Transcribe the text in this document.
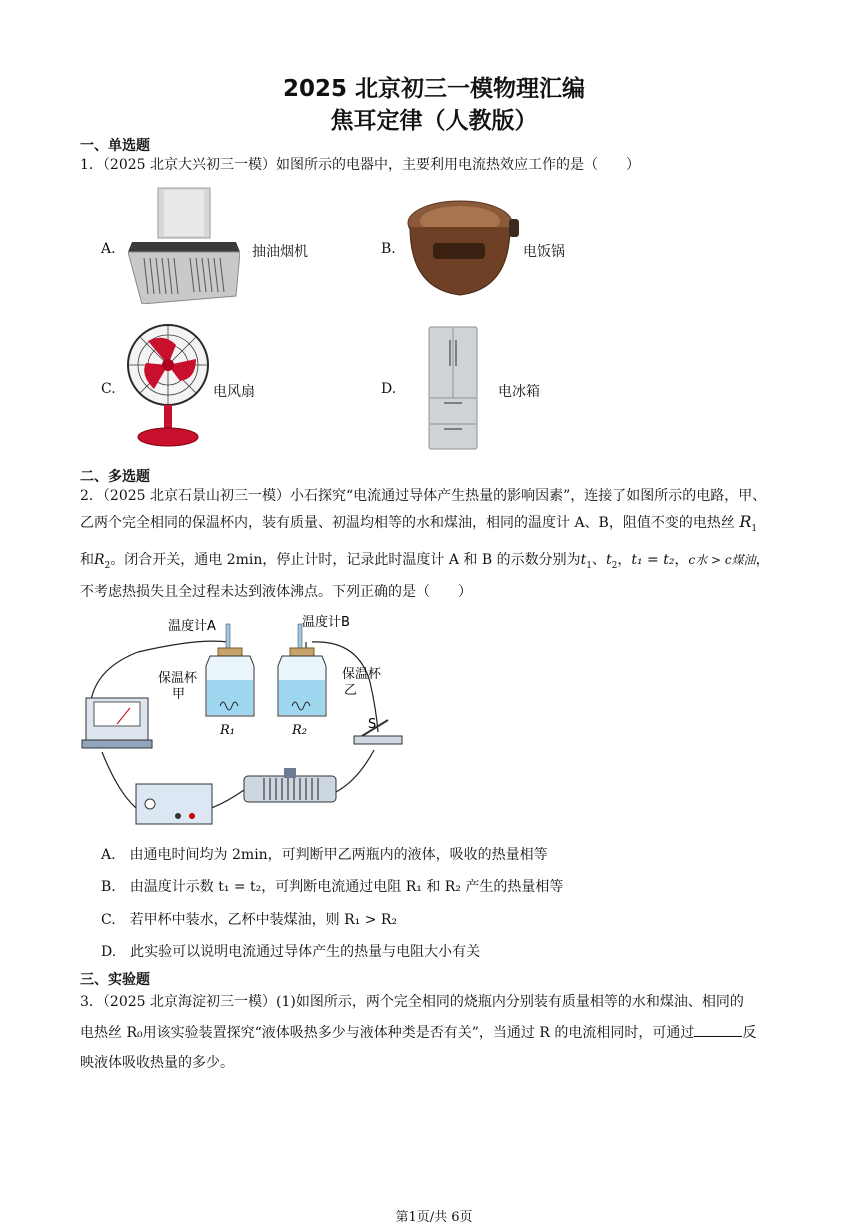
2025 北京初三一模物理汇编
焦耳定律（人教版）
一、单选题
1．（2025 北京大兴初三一模）如图所示的电器中，主要利用电流热效应工作的是（　　）
A.	抽油烟机	B.	电饭锅
C.	电风扇	D.	电冰箱
二、多选题
2．（2025 北京石景山初三一模）小石探究“电流通过导体产生热量的影响因素”，连接了如图所示的电路，甲、
乙两个完全相同的保温杯内，装有质量、初温均相等的水和煤油，相同的温度计 A、B，阻值不变的电热丝 $R_1$
和$R_2$。闭合开关，通电 2min，停止计时，记录此时温度计 A 和 B 的示数分别为$t_1$、$t_2$，t₁ = t₂，c水 > c煤油，
不考虑热损失且全过程未达到液体沸点。下列正确的是（　　）
温度计A	温度计B
保温杯
甲
保温杯
乙
R₁	R₂	S
A.　由通电时间均为 2min，可判断甲乙两瓶内的液体，吸收的热量相等
B.　由温度计示数 t₁ = t₂，可判断电流通过电阻 R₁ 和 R₂ 产生的热量相等
C.　若甲杯中装水，乙杯中装煤油，则 R₁ > R₂
D.　此实验可以说明电流通过导体产生的热量与电阻大小有关
三、实验题
3．（2025 北京海淀初三一模）(1)如图所示，两个完全相同的烧瓶内分别装有质量相等的水和煤油、相同的
电热丝 R₀用该实验装置探究“液体吸热多少与液体种类是否有关”，当通过 R 的电流相同时，可通过	反
映液体吸收热量的多少。
第1页/共 6页
